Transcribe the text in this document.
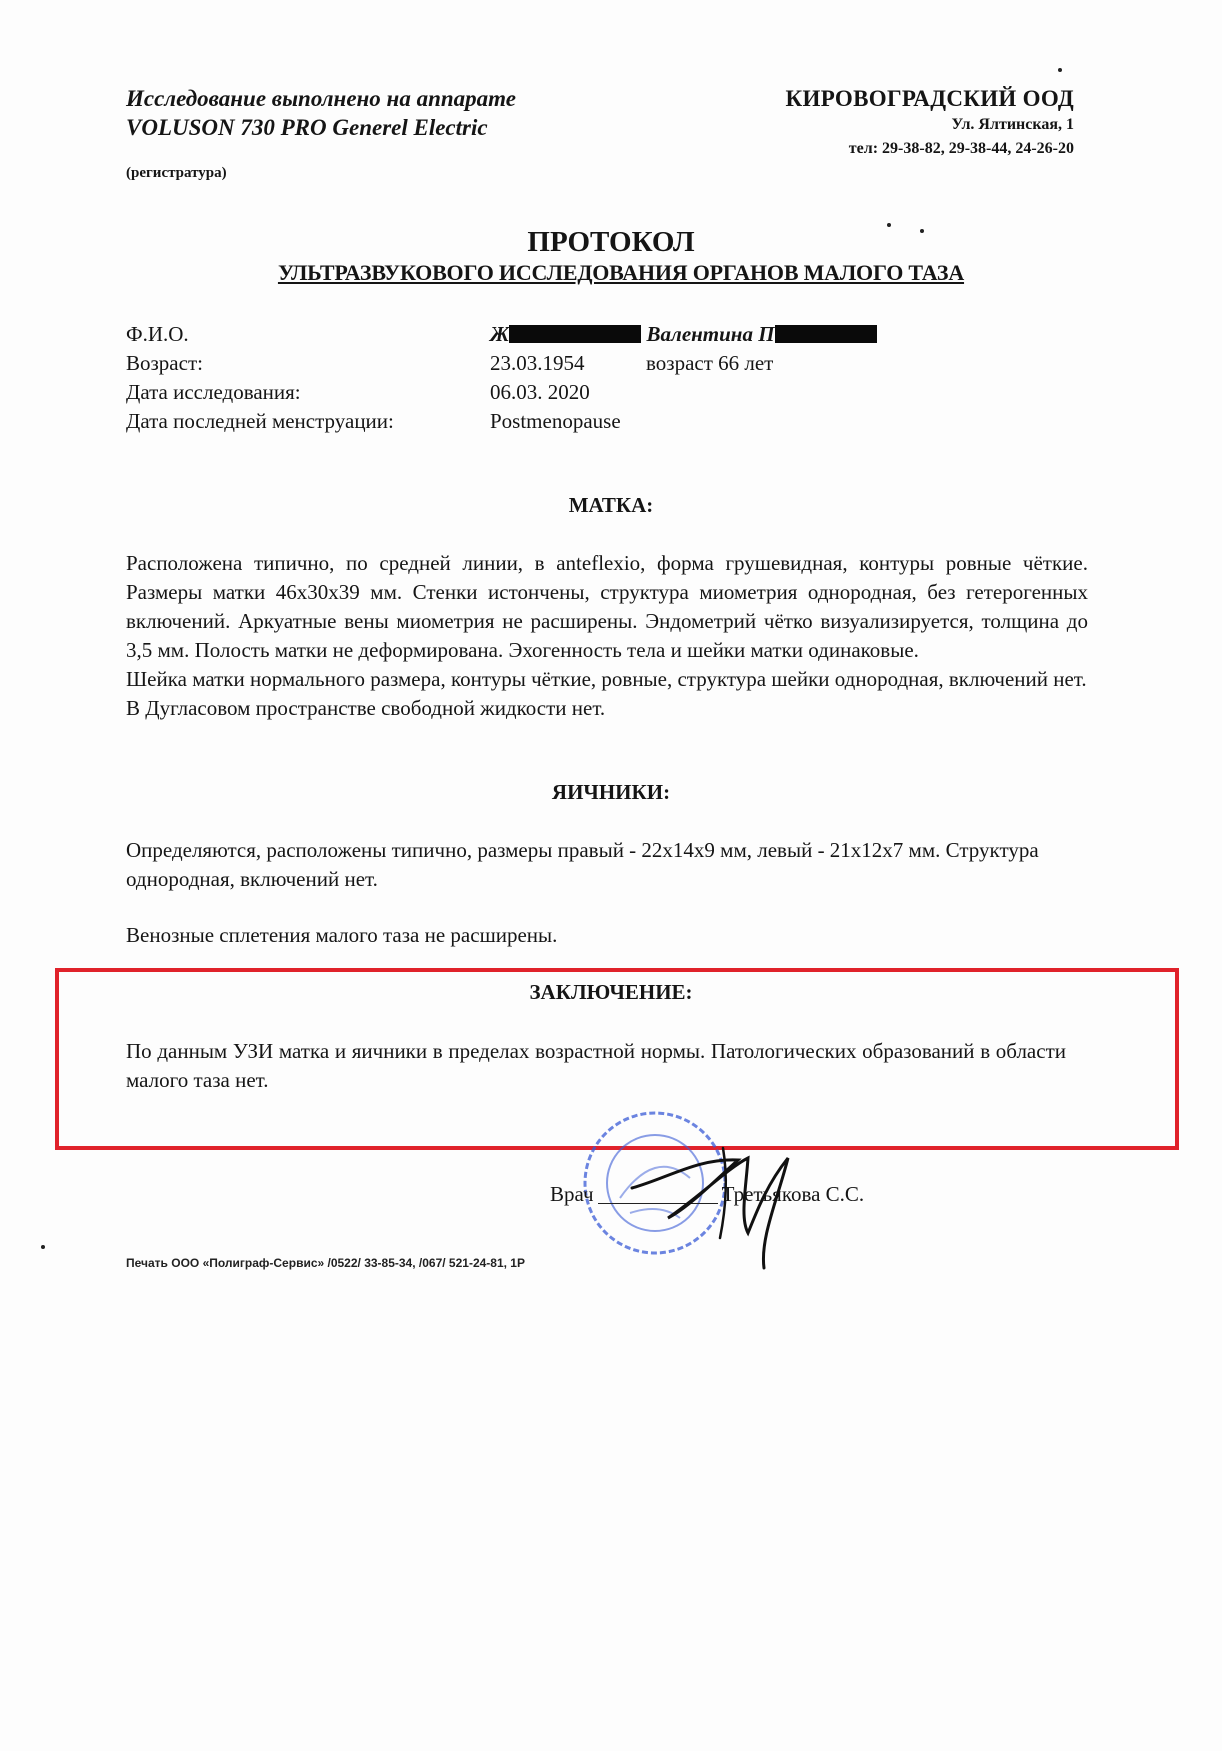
Исследование выполнено на аппарате
VOLUSON 730 PRO Generel Electric
(регистратура)
КИРОВОГРАДСКИЙ ООД
Ул. Ялтинская, 1
тел: 29-38-82, 29-38-44, 24-26-20
ПРОТОКОЛ
УЛЬТРАЗВУКОВОГО ИССЛЕДОВАНИЯ ОРГАНОВ МАЛОГО ТАЗА
Ф.И.О.	Ж	Валентина П
Возраст:	23.03.1954	возраст 66 лет
Дата исследования:	06.03. 2020
Дата последней менструации:	Postmenopause
МАТКА:

Расположена типично, по средней линии, в anteflexio, форма грушевидная, контуры ровные чёткие. Размеры матки 46х30х39 мм. Стенки истончены, структура миометрия однородная, без гетерогенных включений. Аркуатные вены миометрия не расширены. Эндометрий чётко визуализируется, толщина до 3,5 мм. Полость матки не деформирована. Эхогенность тела и шейки матки одинаковые.

Шейка матки нормального размера, контуры чёткие, ровные, структура шейки однородная, включений нет. В Дугласовом пространстве свободной жидкости нет.

ЯИЧНИКИ:

Определяются, расположены типично, размеры правый - 22х14х9 мм, левый - 21х12х7 мм. Структура однородная, включений нет.

Венозные сплетения малого таза не расширены.

ЗАКЛЮЧЕНИЕ:

По данным УЗИ матка и яичники в пределах возрастной нормы. Патологических образований в области малого таза нет.

Врач	Третьякова С.С.
Печать ООО «Полиграф-Сервис» /0522/ 33-85-34, /067/ 521-24-81, 1Р
